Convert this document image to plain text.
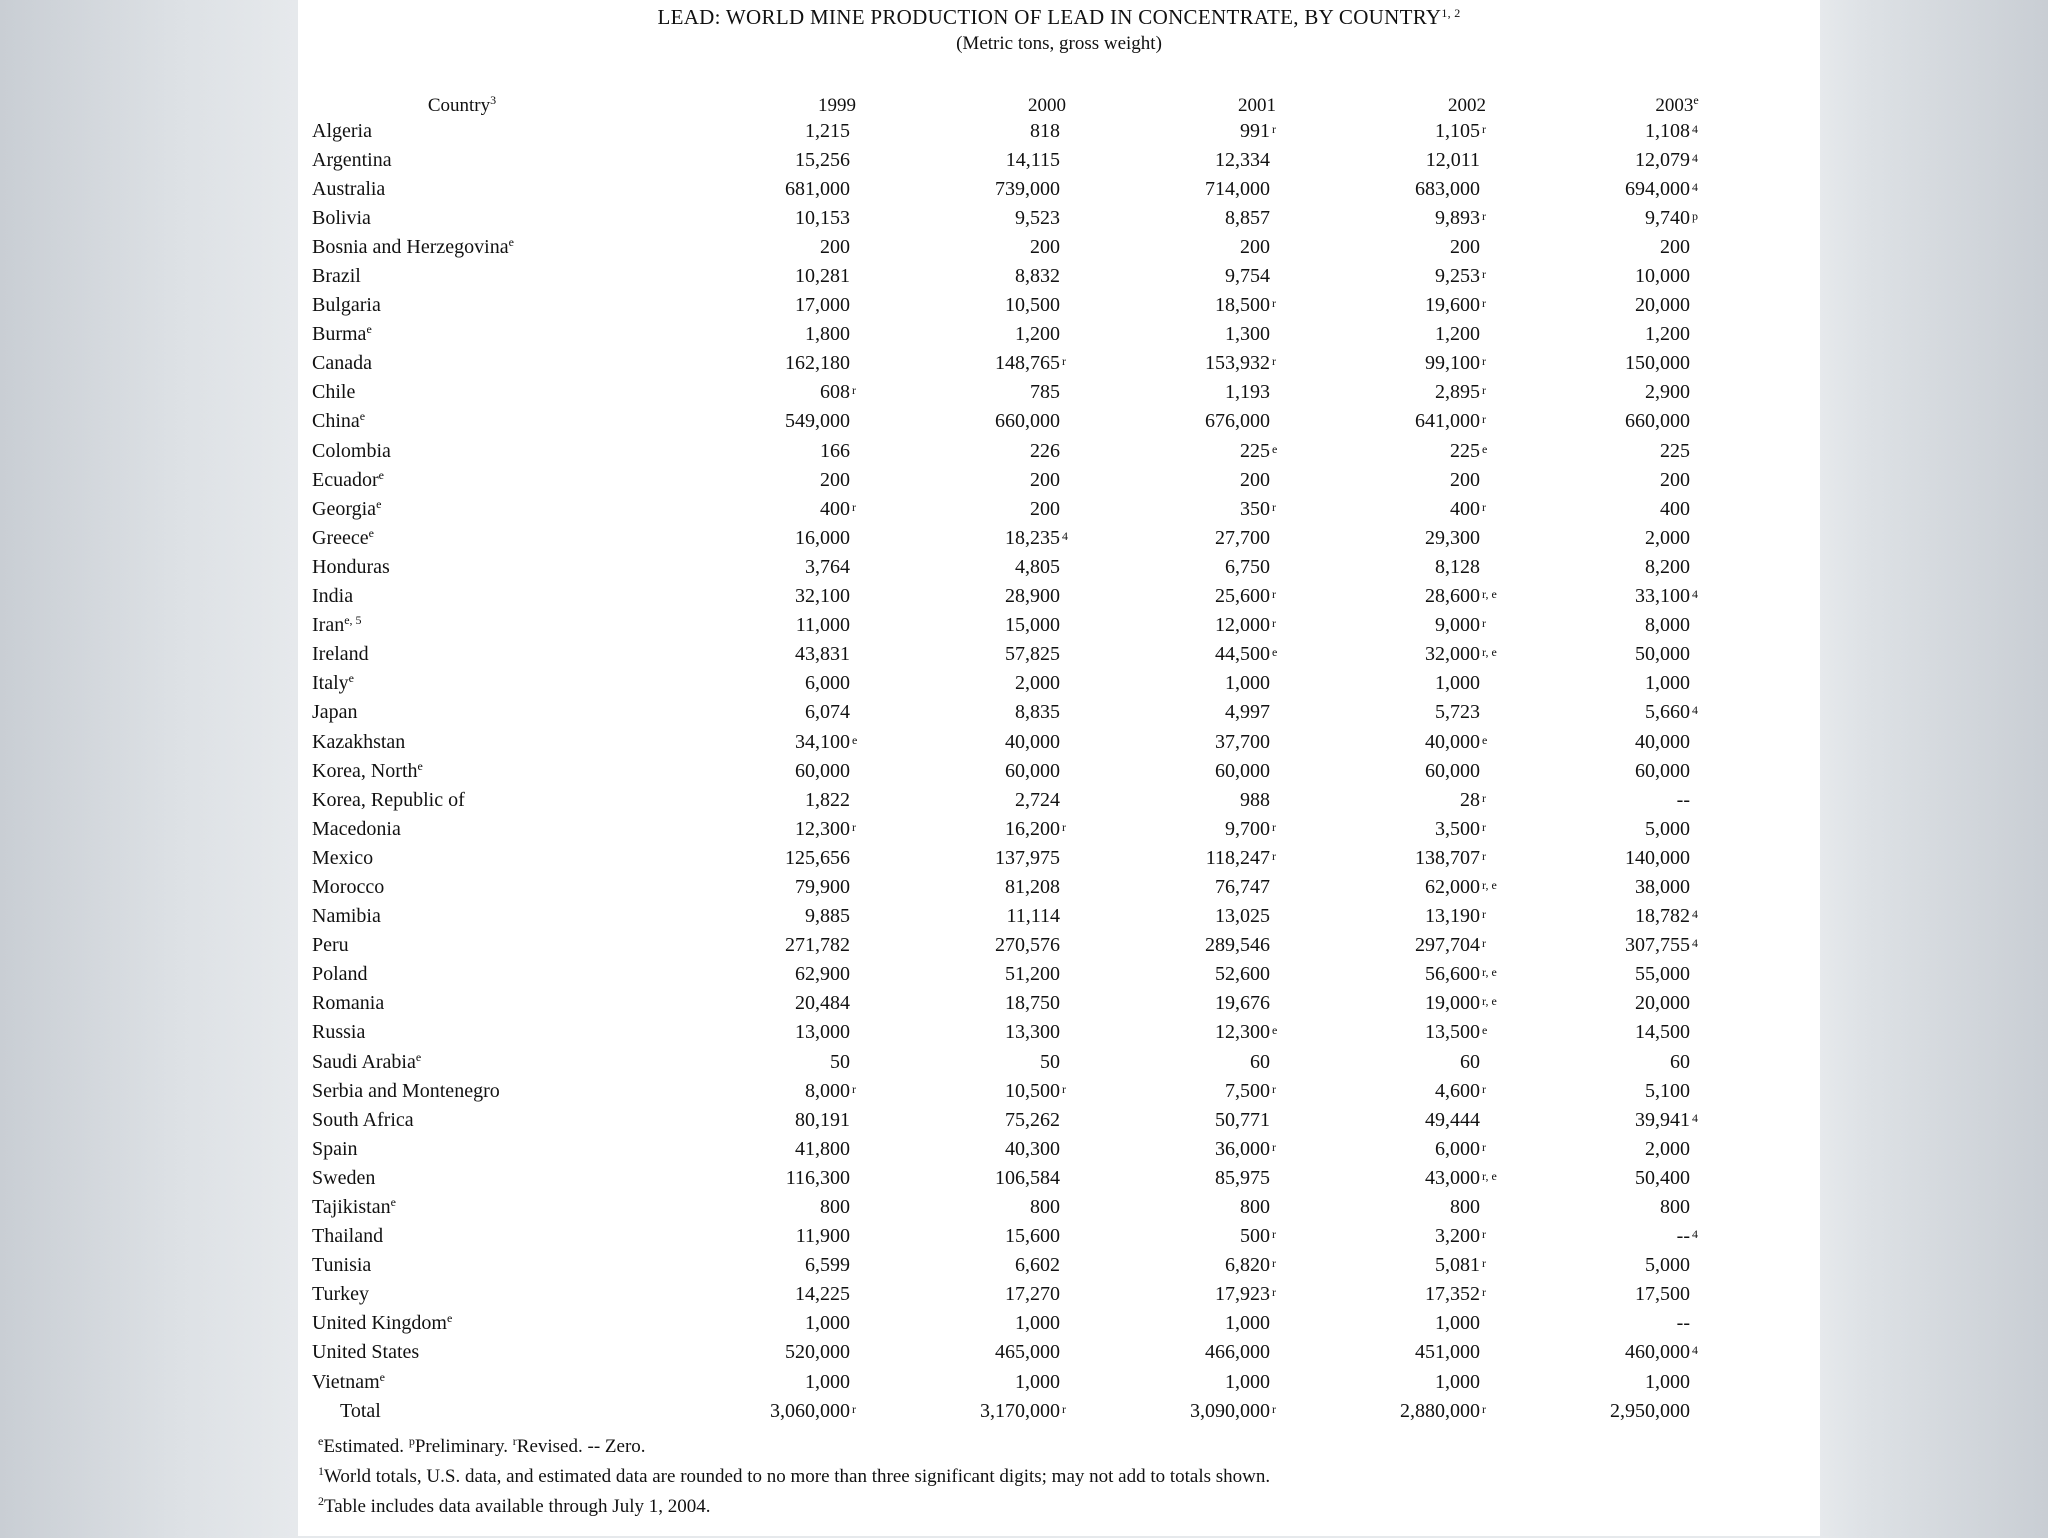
LEAD: WORLD MINE PRODUCTION OF LEAD IN CONCENTRATE, BY COUNTRY$^{1, 2}$
(Metric tons, gross weight)
Country$^3$	1999	2000	2001	2002	2003e
Algeria	1,215	818	991 r	1,105 r	1,108 4

Argentina	15,256	14,115	12,334	12,011	12,079 4

Australia	681,000	739,000	714,000	683,000	694,000 4

Bolivia	10,153	9,523	8,857	9,893 r	9,740 p

Bosnia and Herzegovina$^e$	200	200	200	200	200

Brazil	10,281	8,832	9,754	9,253 r	10,000

Bulgaria	17,000	10,500	18,500 r	19,600 r	20,000

Burma$^e$	1,800	1,200	1,300	1,200	1,200

Canada	162,180	148,765 r	153,932 r	99,100 r	150,000

Chile	608 r	785	1,193	2,895 r	2,900

China$^e$	549,000	660,000	676,000	641,000 r	660,000

Colombia	166	226	225 e	225 e	225

Ecuador$^e$	200	200	200	200	200

Georgia$^e$	400 r	200	350 r	400 r	400

Greece$^e$	16,000	18,235 4	27,700	29,300	2,000

Honduras	3,764	4,805	6,750	8,128	8,200

India	32,100	28,900	25,600 r	28,600 r, e	33,100 4

Iran$^{e, 5}$	11,000	15,000	12,000 r	9,000 r	8,000

Ireland	43,831	57,825	44,500 e	32,000 r, e	50,000

Italy$^e$	6,000	2,000	1,000	1,000	1,000

Japan	6,074	8,835	4,997	5,723	5,660 4

Kazakhstan	34,100 e	40,000	37,700	40,000 e	40,000

Korea, North$^e$	60,000	60,000	60,000	60,000	60,000

Korea, Republic of	1,822	2,724	988	28 r	--

Macedonia	12,300 r	16,200 r	9,700 r	3,500 r	5,000

Mexico	125,656	137,975	118,247 r	138,707 r	140,000

Morocco	79,900	81,208	76,747	62,000 r, e	38,000

Namibia	9,885	11,114	13,025	13,190 r	18,782 4

Peru	271,782	270,576	289,546	297,704 r	307,755 4

Poland	62,900	51,200	52,600	56,600 r, e	55,000

Romania	20,484	18,750	19,676	19,000 r, e	20,000

Russia	13,000	13,300	12,300 e	13,500 e	14,500

Saudi Arabia$^e$	50	50	60	60	60

Serbia and Montenegro	8,000 r	10,500 r	7,500 r	4,600 r	5,100

South Africa	80,191	75,262	50,771	49,444	39,941 4

Spain	41,800	40,300	36,000 r	6,000 r	2,000

Sweden	116,300	106,584	85,975	43,000 r, e	50,400

Tajikistan$^e$	800	800	800	800	800

Thailand	11,900	15,600	500 r	3,200 r	-- 4

Tunisia	6,599	6,602	6,820 r	5,081 r	5,000

Turkey	14,225	17,270	17,923 r	17,352 r	17,500

United Kingdom$^e$	1,000	1,000	1,000	1,000	--

United States	520,000	465,000	466,000	451,000	460,000 4

Vietnam$^e$	1,000	1,000	1,000	1,000	1,000

Total	3,060,000 r	3,170,000 r	3,090,000 r	2,880,000 r	2,950,000
$^e$Estimated. $^p$Preliminary. $^r$Revised. -- Zero.
$^1$World totals, U.S. data, and estimated data are rounded to no more than three significant digits; may not add to totals shown.
$^2$Table includes data available through July 1, 2004.
